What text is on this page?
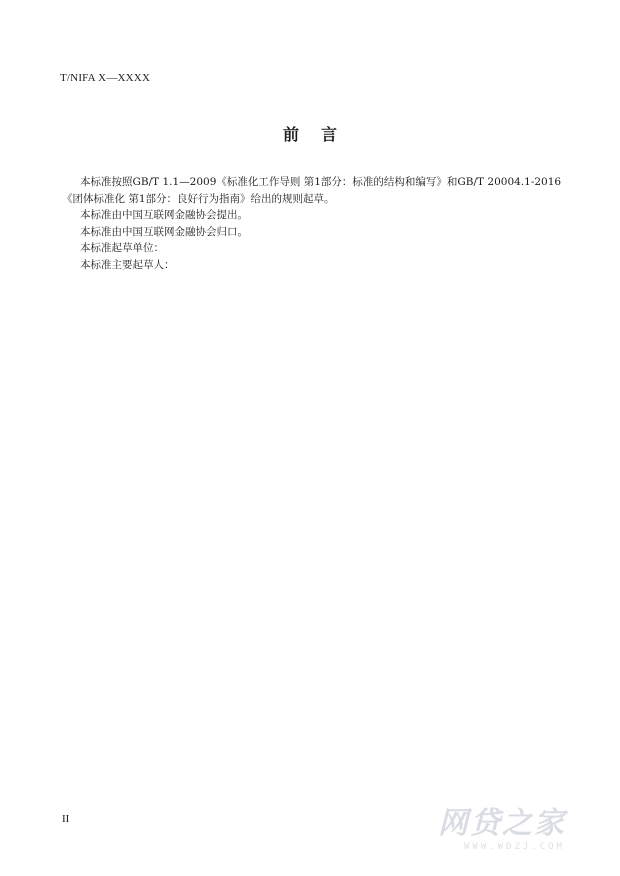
T/NIFA X—XXXX
前言

本标准按照GB/T 1.1—2009《标准化工作导则 第1部分：标准的结构和编写》和GB/T 20004.1-2016

《团体标准化 第1部分：良好行为指南》给出的规则起草。

本标准由中国互联网金融协会提出。

本标准由中国互联网金融协会归口。

本标准起草单位：

本标准主要起草人：

II	网贷之家
WWW.WDZJ.COM
